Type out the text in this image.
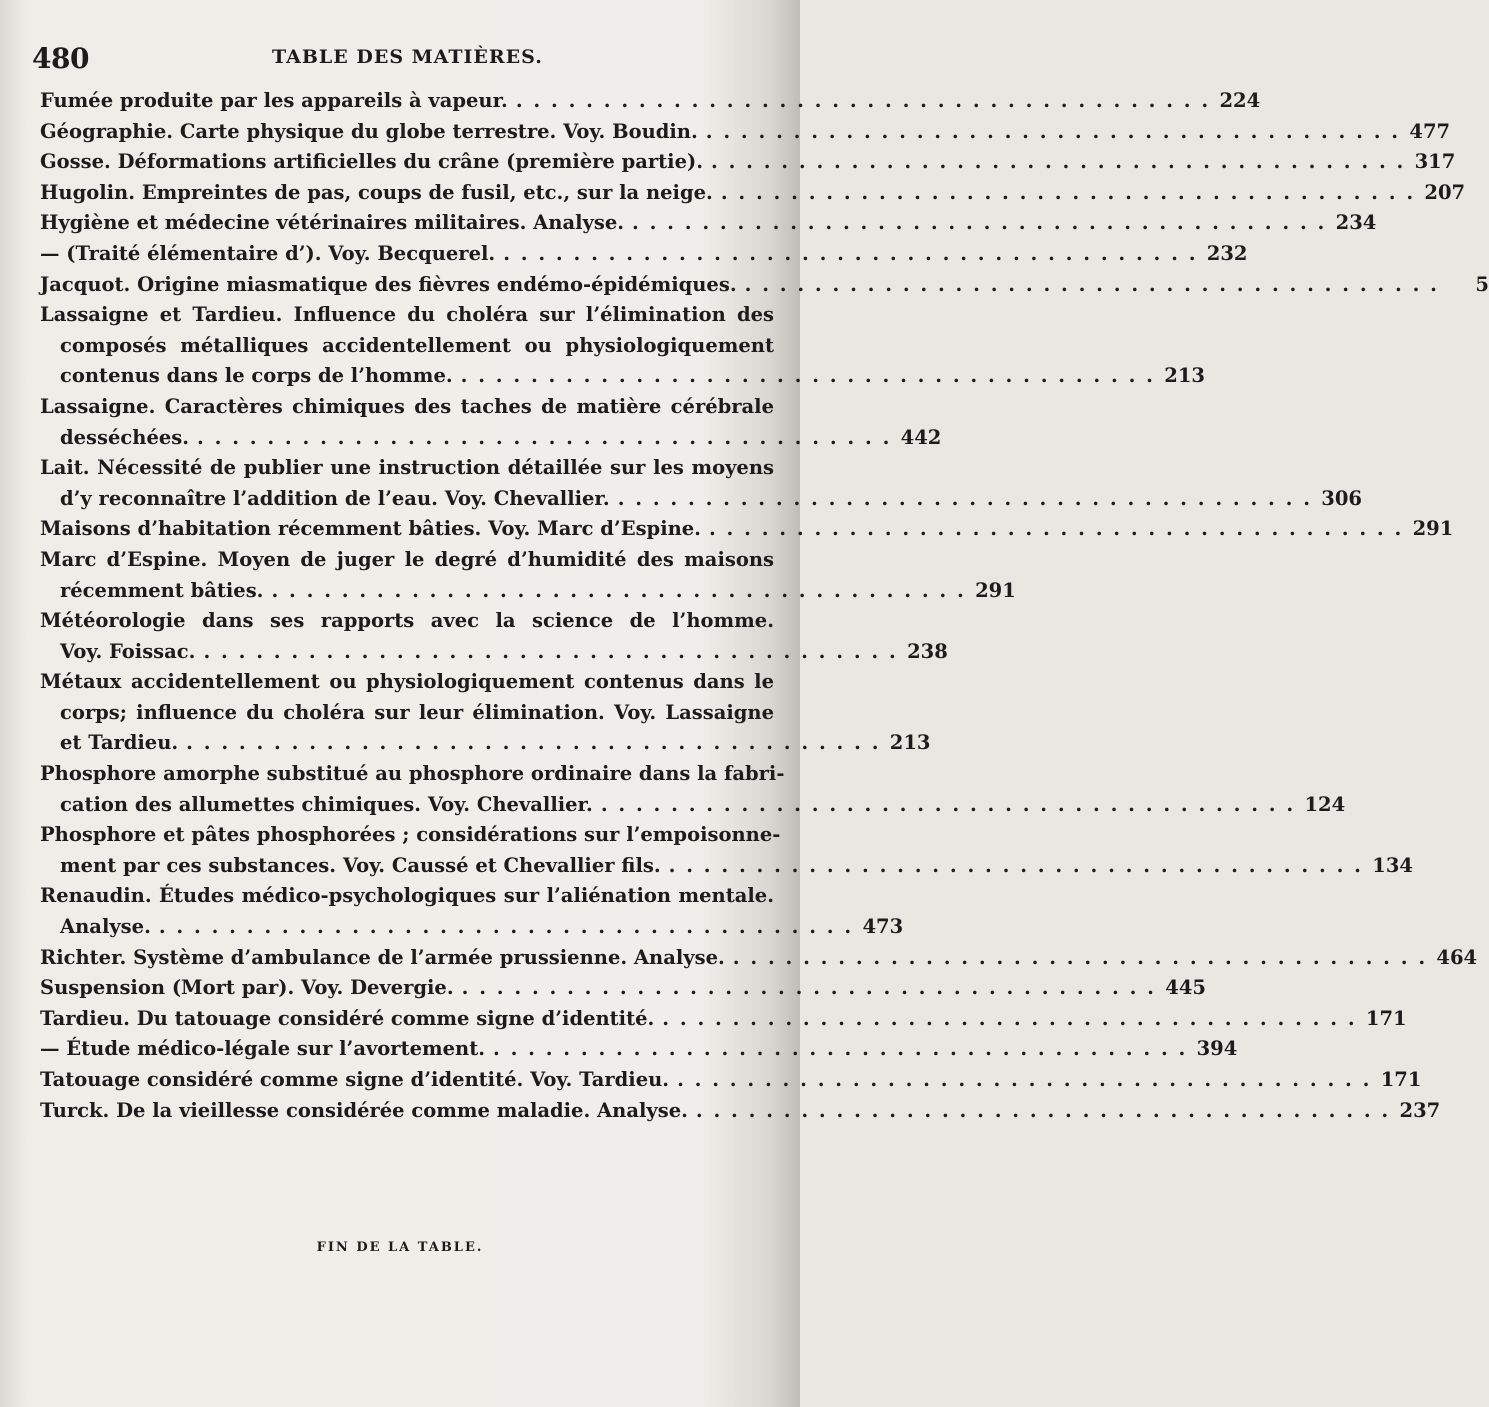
480	TABLE DES MATIÈRES.
Fumée produite par les appareils à vapeur. . . .	224
Géographie. Carte physique du globe terrestre. Voy. Boudin. . . .	477
Gosse. Déformations artificielles du crâne (première partie). . . .	317
Hugolin. Empreintes de pas, coups de fusil, etc., sur la neige. . . .	207
Hygiène et médecine vétérinaires militaires. Analyse. . . .	234
— (Traité élémentaire d’). Voy. Becquerel. . . .	232
Jacquot. Origine miasmatique des fièvres endémo-épidémiques. . . .	5
Lassaigne et Tardieu. Influence du choléra sur l’élimination des
composés métalliques accidentellement ou physiologiquement
contenus dans le corps de l’homme. . . .	213
Lassaigne. Caractères chimiques des taches de matière cérébrale
desséchées. . . .	442
Lait. Nécessité de publier une instruction détaillée sur les moyens
d’y reconnaître l’addition de l’eau. Voy. Chevallier. . . .	306
Maisons d’habitation récemment bâties. Voy. Marc d’Espine. . . .	291
Marc d’Espine. Moyen de juger le degré d’humidité des maisons
récemment bâties. . . .	291
Météorologie dans ses rapports avec la science de l’homme.
Voy. Foissac. . . .	238
Métaux accidentellement ou physiologiquement contenus dans le
corps; influence du choléra sur leur élimination. Voy. Lassaigne
et Tardieu. . . .	213
Phosphore amorphe substitué au phosphore ordinaire dans la fabri-
cation des allumettes chimiques. Voy. Chevallier. . . .	124
Phosphore et pâtes phosphorées ; considérations sur l’empoisonne-
ment par ces substances. Voy. Caussé et Chevallier fils. . . .	134
Renaudin. Études médico-psychologiques sur l’aliénation mentale.
Analyse. . . .	473
Richter. Système d’ambulance de l’armée prussienne. Analyse. . . .	464
Suspension (Mort par). Voy. Devergie. . . .	445
Tardieu. Du tatouage considéré comme signe d’identité. . . .	171
— Étude médico-légale sur l’avortement. . . .	394
Tatouage considéré comme signe d’identité. Voy. Tardieu. . . .	171
Turck. De la vieillesse considérée comme maladie. Analyse. . . .	237
FIN DE LA TABLE.
